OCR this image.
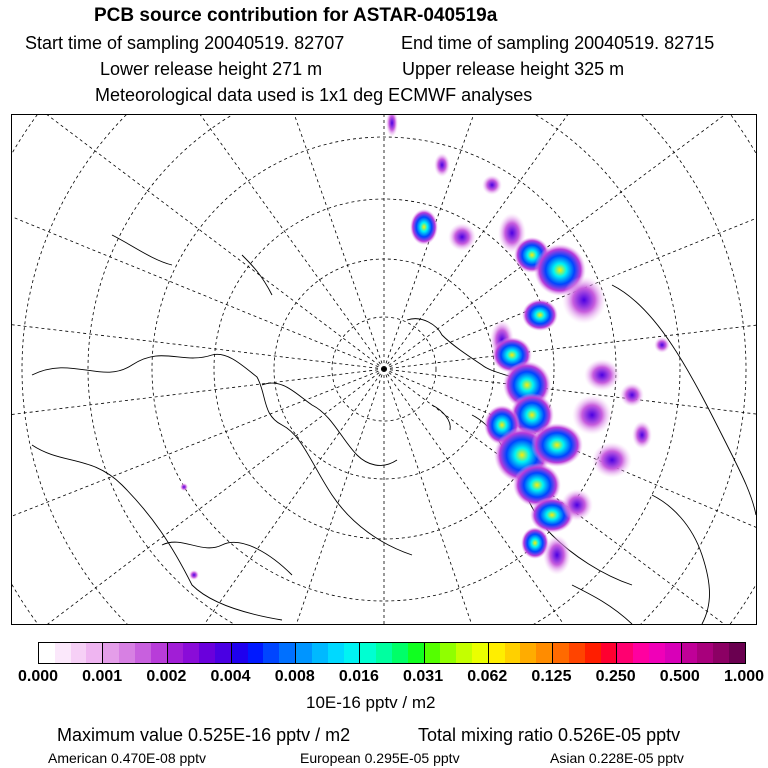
PCB source contribution for ASTAR-040519a
Start time of sampling 20040519. 82707	End time of sampling 20040519. 82715
Lower release height 271 m	Upper release height 325 m
Meteorological data used is 1x1 deg ECMWF analyses
0.000 0.001 0.002 0.004 0.008 0.016 0.031 0.062 0.125 0.250 0.500 1.000
10E-16 pptv / m2
Maximum value 0.525E-16 pptv / m2	Total mixing ratio 0.526E-05 pptv
American 0.470E-08 pptv	European 0.295E-05 pptv	Asian 0.228E-05 pptv
